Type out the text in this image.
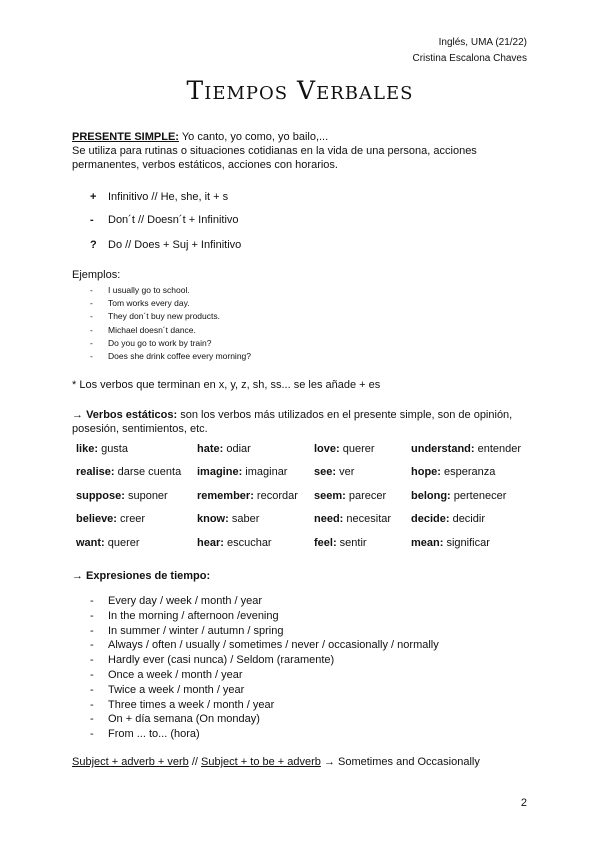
Inglés, UMA (21/22)
Cristina Escalona Chaves
Tiempos Verbales
PRESENTE SIMPLE: Yo canto, yo como, yo bailo,...
Se utiliza para rutinas o situaciones cotidianas en la vida de una persona, acciones permanentes, verbos estáticos, acciones con horarios.
+ Infinitivo // He, she, it + s
- Don´t // Doesn´t + Infinitivo
? Do // Does + Suj + Infinitivo
Ejemplos:
- I usually go to school.
- Tom works every day.
- They don´t buy new products.
- Michael doesn´t dance.
- Do you go to work by train?
- Does she drink coffee every morning?
* Los verbos que terminan en x, y, z, sh, ss... se les añade + es
→ Verbos estáticos: son los verbos más utilizados en el presente simple, son de opinión, posesión, sentimientos, etc.
like: gusta	hate: odiar	love: querer	understand: entender
realise: darse cuenta	imagine: imaginar	see: ver	hope: esperanza
suppose: suponer	remember: recordar	seem: parecer	belong: pertenecer
believe: creer	know: saber	need: necesitar	decide: decidir
want: querer	hear: escuchar	feel: sentir	mean: significar
→ Expresiones de tiempo:
- Every day / week / month / year
- In the morning / afternoon /evening
- In summer / winter / autumn / spring
- Always / often / usually / sometimes / never / occasionally / normally
- Hardly ever (casi nunca) / Seldom (raramente)
- Once a week / month / year
- Twice a week / month / year
- Three times a week / month / year
- On + día semana (On monday)
- From ... to... (hora)
Subject + adverb + verb // Subject + to be + adverb → Sometimes and Occasionally
2
